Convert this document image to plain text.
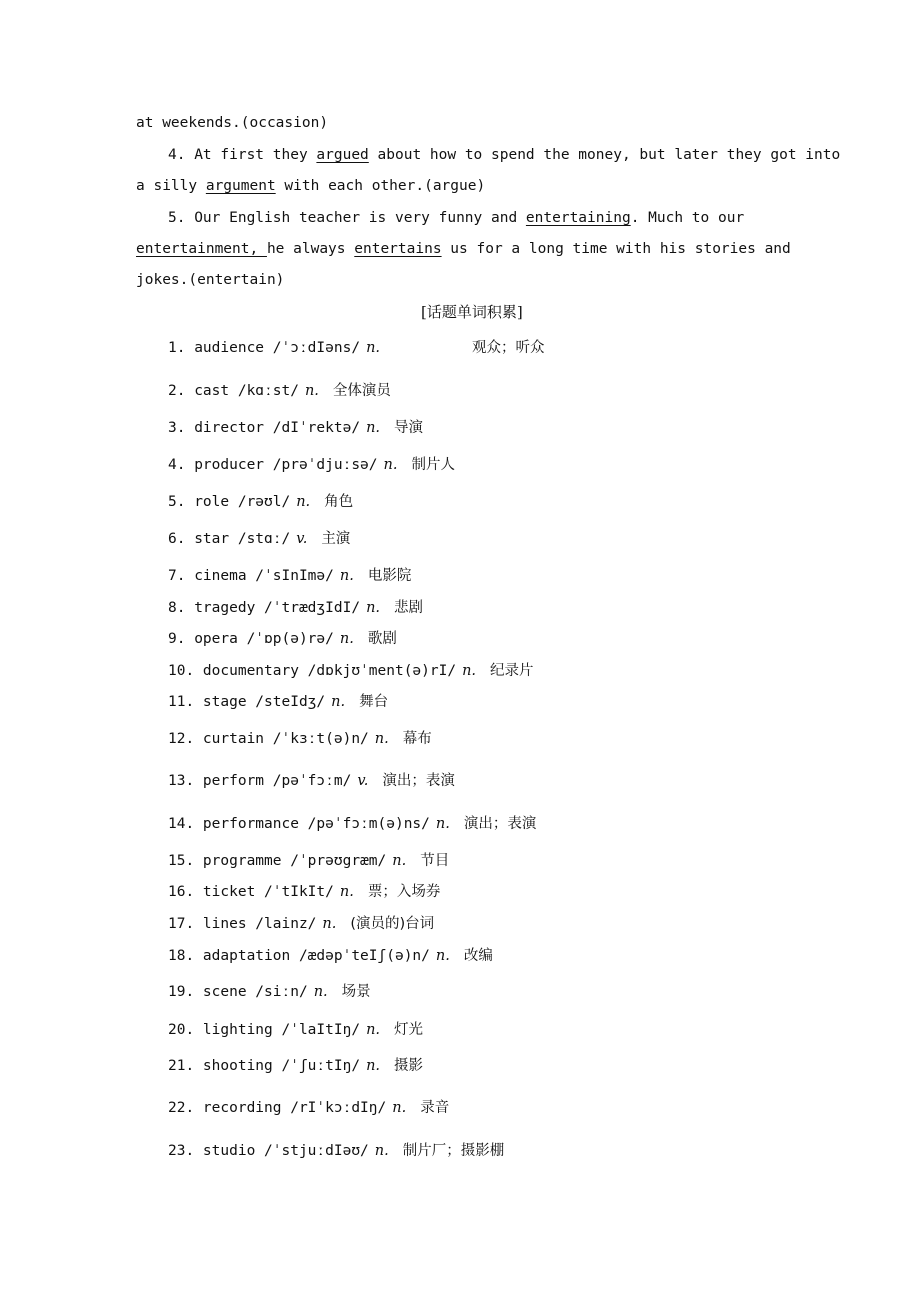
at weekends.(occasion)
4. At first they argued about how to spend the money, but later they got into
a silly argument with each other.(argue)
5. Our English teacher is very funny and entertaining. Much to our
entertainment, he always entertains us for a long time with his stories and
jokes.(entertain)
[话题单词积累]
1. audience /ˈɔːdIəns/ n.	观众；听众
2. cast /kɑːst/ n. 全体演员
3. director /dIˈrektə/ n. 导演
4. producer /prəˈdjuːsə/ n. 制片人
5. role /rəʊl/ n. 角色
6. star /stɑː/ v. 主演
7. cinema /ˈsInImə/ n. 电影院
8. tragedy /ˈtrædʒIdI/ n. 悲剧
9. opera /ˈɒp(ə)rə/ n. 歌剧
10. documentary /dɒkjʊˈment(ə)rI/ n. 纪录片
11. stage /steIdʒ/ n. 舞台
12. curtain /ˈkɜːt(ə)n/ n. 幕布
13. perform /pəˈfɔːm/ v. 演出；表演
14. performance /pəˈfɔːm(ə)ns/ n. 演出；表演
15. programme /ˈprəʊgræm/ n. 节目
16. ticket /ˈtIkIt/ n. 票；入场券
17. lines /lainz/ n. (演员的)台词
18. adaptation /ædəpˈteIʃ(ə)n/ n. 改编
19. scene /siːn/ n. 场景
20. lighting /ˈlaItIŋ/ n. 灯光
21. shooting /ˈʃuːtIŋ/ n. 摄影
22. recording /rIˈkɔːdIŋ/ n. 录音
23. studio /ˈstjuːdIəʊ/ n. 制片厂；摄影棚
